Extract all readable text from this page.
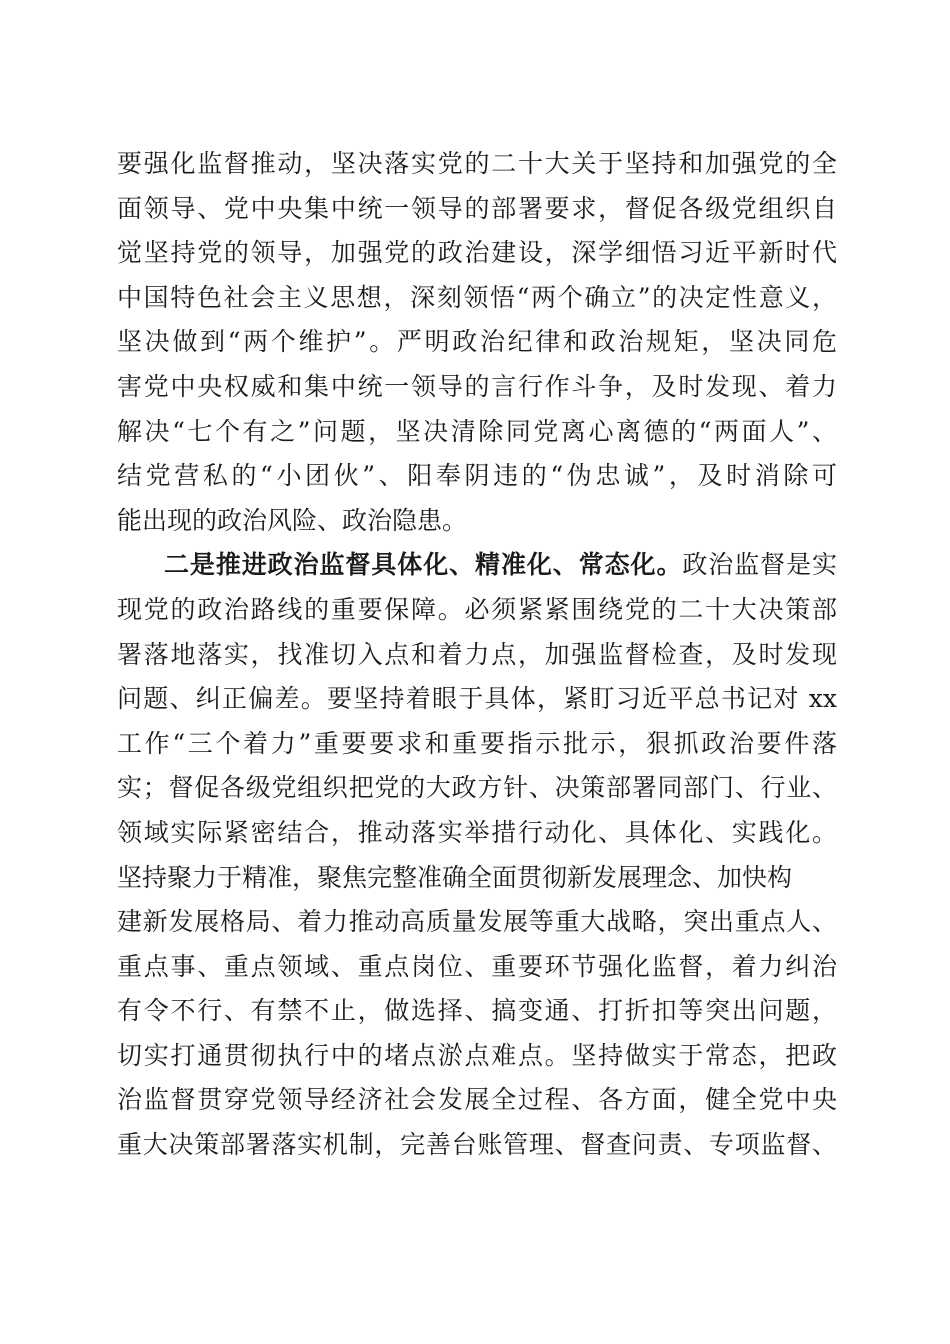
要强化监督推动，坚决落实党的二十大关于坚持和加强党的全
面领导、党中央集中统一领导的部署要求，督促各级党组织自
觉坚持党的领导，加强党的政治建设，深学细悟习近平新时代
中国特色社会主义思想，深刻领悟“两个确立”的决定性意义，
坚决做到“两个维护”。严明政治纪律和政治规矩，坚决同危
害党中央权威和集中统一领导的言行作斗争，及时发现、着力
解决“七个有之”问题，坚决清除同党离心离德的“两面人”、
结党营私的“小团伙”、阳奉阴违的“伪忠诚”，及时消除可
能出现的政治风险、政治隐患。
二是推进政治监督具体化、精准化、常态化。政治监督是实
现党的政治路线的重要保障。必须紧紧围绕党的二十大决策部
署落地落实，找准切入点和着力点，加强监督检查，及时发现
问题、纠正偏差。要坚持着眼于具体，紧盯习近平总书记对 xx
工作“三个着力”重要要求和重要指示批示，狠抓政治要件落
实；督促各级党组织把党的大政方针、决策部署同部门、行业、
领域实际紧密结合，推动落实举措行动化、具体化、实践化。
坚持聚力于精准，聚焦完整准确全面贯彻新发展理念、加快构
建新发展格局、着力推动高质量发展等重大战略，突出重点人、
重点事、重点领域、重点岗位、重要环节强化监督，着力纠治
有令不行、有禁不止，做选择、搞变通、打折扣等突出问题，
切实打通贯彻执行中的堵点淤点难点。坚持做实于常态，把政
治监督贯穿党领导经济社会发展全过程、各方面，健全党中央
重大决策部署落实机制，完善台账管理、督查问责、专项监督、
